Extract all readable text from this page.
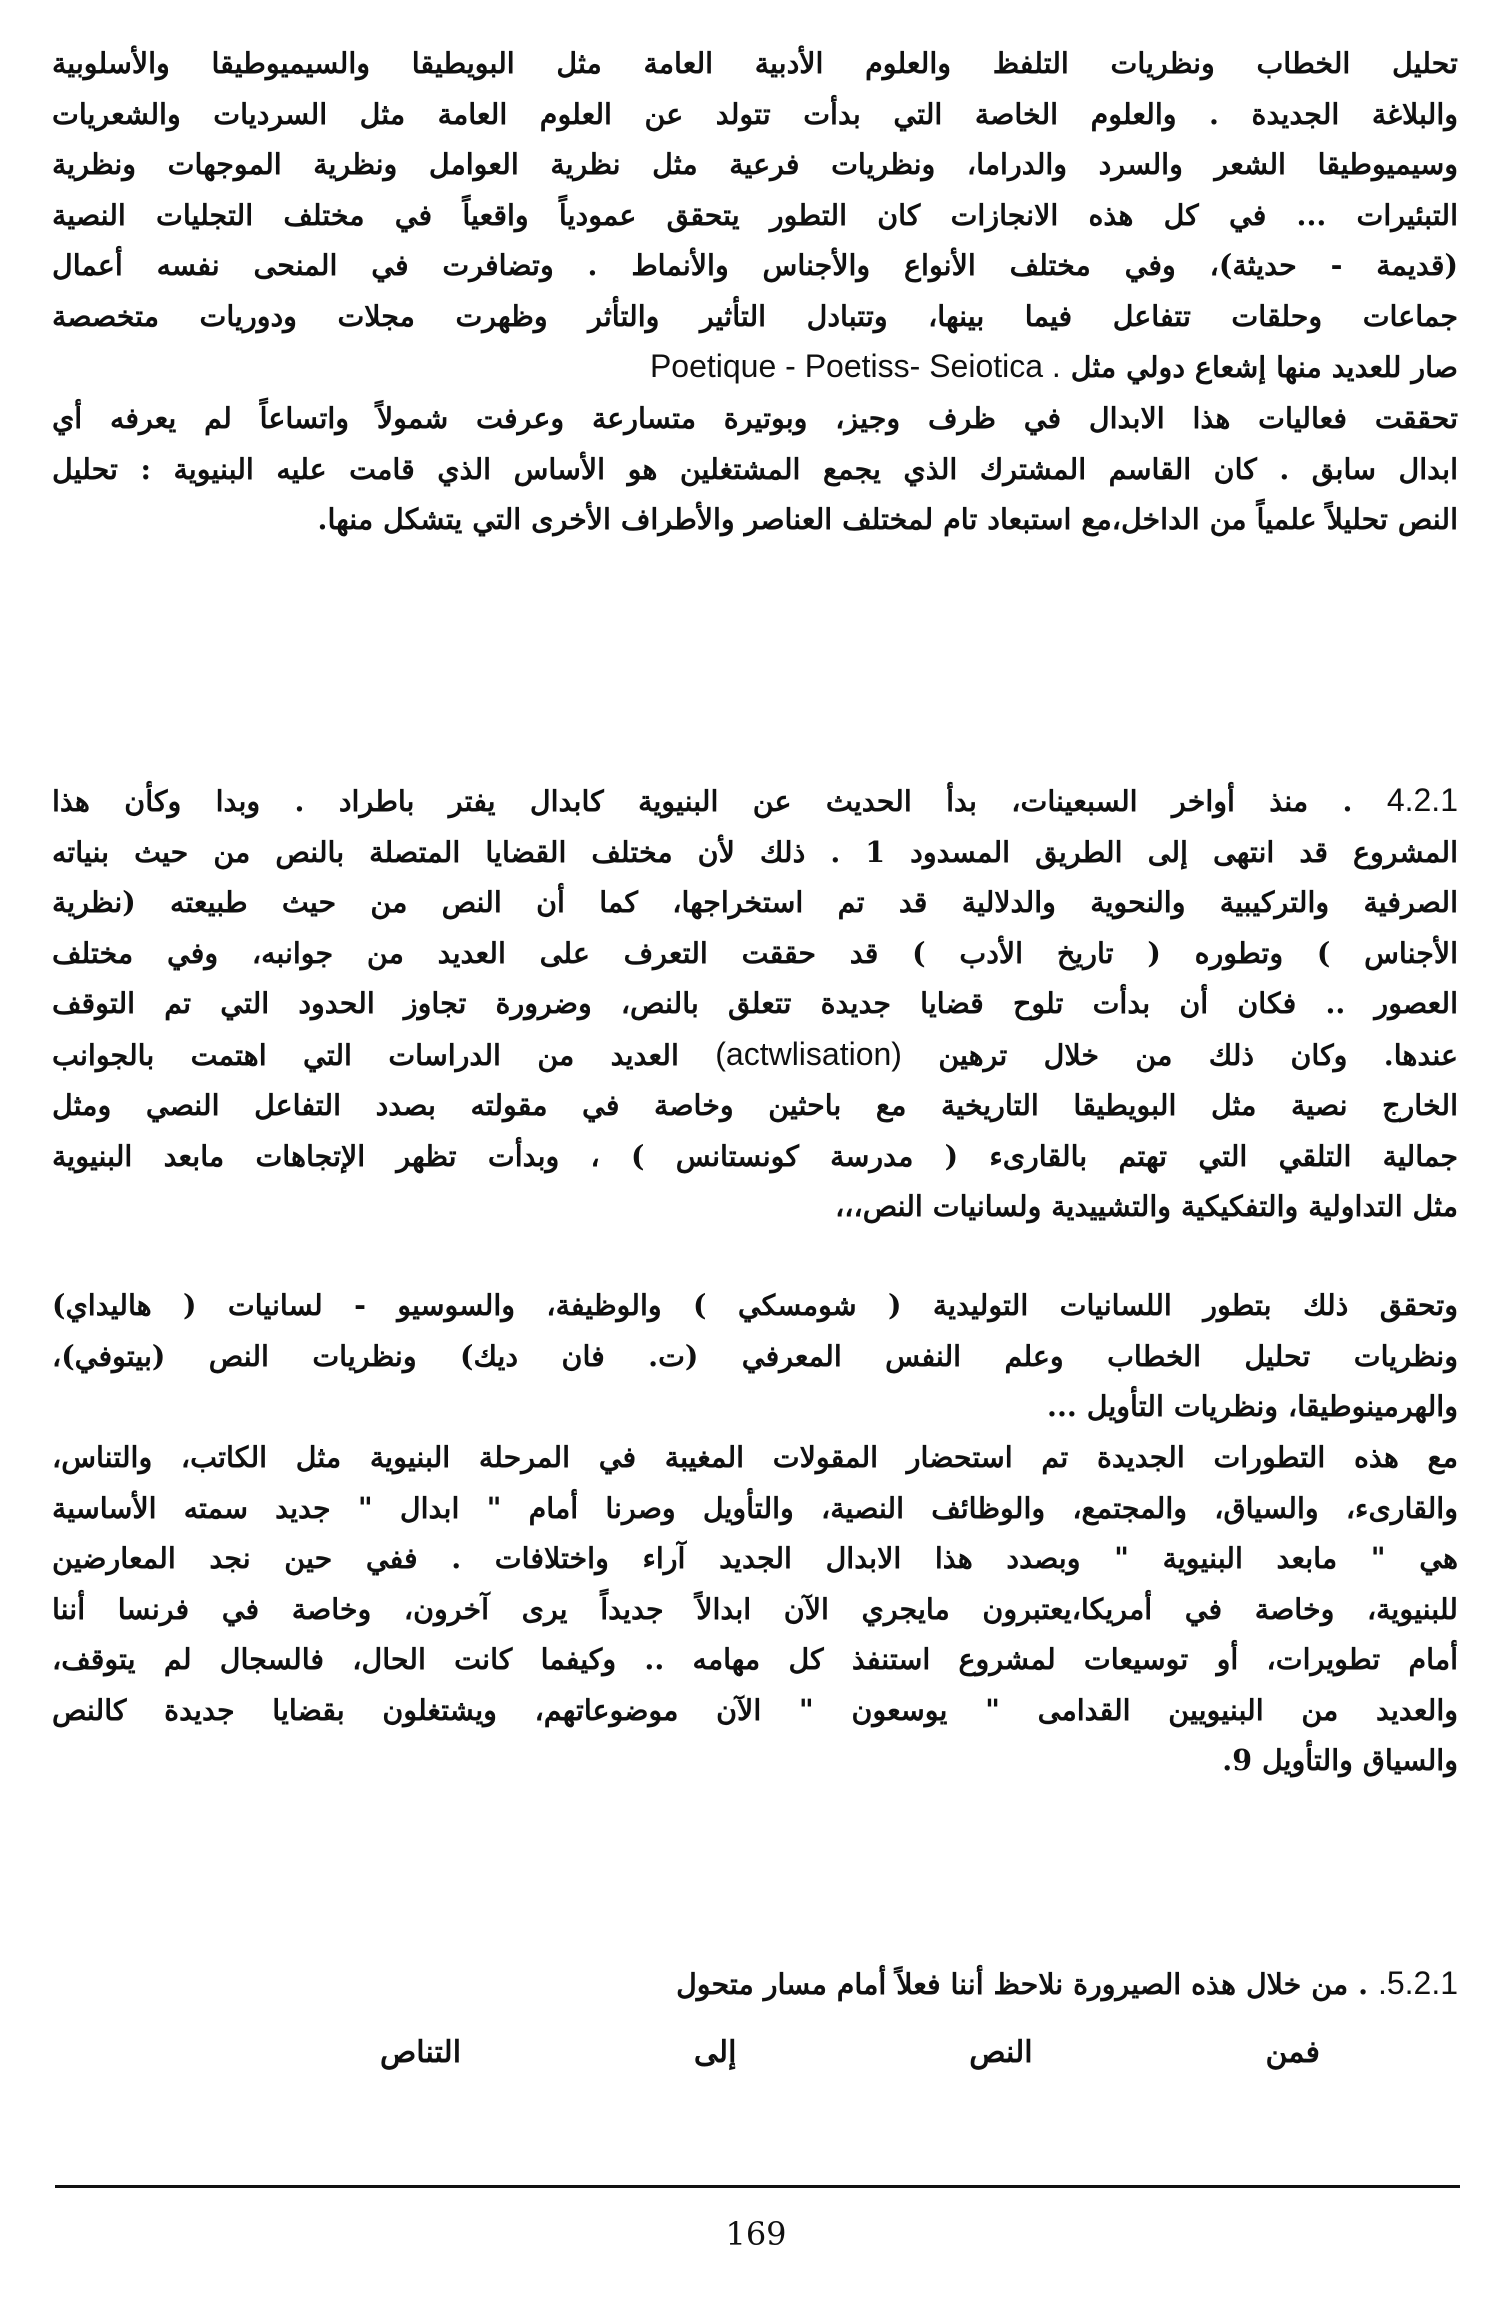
تحليل الخطاب ونظريات التلفظ والعلوم الأدبية العامة مثل البويطيقا والسيميوطيقا والأسلوبية
والبلاغة الجديدة . والعلوم الخاصة التي بدأت تتولد عن العلوم العامة مثل السرديات والشعريات
وسيميوطيقا الشعر والسرد والدراما، ونظريات فرعية مثل نظرية العوامل ونظرية الموجهات ونظرية
التبئيرات ... في كل هذه الانجازات كان التطور يتحقق عمودياً واقعياً في مختلف التجليات النصية
(قديمة - حديثة)، وفي مختلف الأنواع والأجناس والأنماط . وتضافرت في المنحى نفسه أعمال
جماعات وحلقات تتفاعل فيما بينها، وتتبادل التأثير والتأثر وظهرت مجلات ودوريات متخصصة
صار للعديد منها إشعاع دولي مثل Poetique - Poetiss- Seiotica .
تحققت فعاليات هذا الابدال في ظرف وجيز، وبوتيرة متسارعة وعرفت شمولاً واتساعاً لم يعرفه أي
ابدال سابق . كان القاسم المشترك الذي يجمع المشتغلين هو الأساس الذي قامت عليه البنيوية : تحليل
النص تحليلاً علمياً من الداخل،مع استبعاد تام لمختلف العناصر والأطراف الأخرى التي يتشكل منها.
4.2.1 . منذ أواخر السبعينات، بدأ الحديث عن البنيوية كابدال يفتر باطراد . وبدا وكأن هذا
المشروع قد انتهى إلى الطريق المسدود 1 . ذلك لأن مختلف القضايا المتصلة بالنص من حيث بنياته
الصرفية والتركيبية والنحوية والدلالية قد تم استخراجها، كما أن النص من حيث طبيعته (نظرية
الأجناس ) وتطوره ( تاريخ الأدب ) قد حققت التعرف على العديد من جوانبه، وفي مختلف
العصور .. فكان أن بدأت تلوح قضايا جديدة تتعلق بالنص، وضرورة تجاوز الحدود التي تم التوقف
عندها. وكان ذلك من خلال ترهين (actwlisation) العديد من الدراسات التي اهتمت بالجوانب
الخارج نصية مثل البويطيقا التاريخية مع باحثين وخاصة في مقولته بصدد التفاعل النصي ومثل
جمالية التلقي التي تهتم بالقارىء ( مدرسة كونستانس ) ، وبدأت تظهر الإتجاهات مابعد البنيوية
مثل التداولية والتفكيكية والتشييدية ولسانيات النص،،،
وتحقق ذلك بتطور اللسانيات التوليدية ( شومسكي ) والوظيفة، والسوسيو - لسانيات ( هاليداي)
ونظريات تحليل الخطاب وعلم النفس المعرفي (ت. فان ديك) ونظريات النص (بيتوفي)،
والهرمينوطيقا، ونظريات التأويل ...
مع هذه التطورات الجديدة تم استحضار المقولات المغيبة في المرحلة البنيوية مثل الكاتب، والتناس،
والقارىء، والسياق، والمجتمع، والوظائف النصية، والتأويل وصرنا أمام " ابدال " جديد سمته الأساسية
هي " مابعد البنيوية " وبصدد هذا الابدال الجديد آراء واختلافات . ففي حين نجد المعارضين
للبنيوية، وخاصة في أمريكا،يعتبرون مايجري الآن ابدالاً جديداً يرى آخرون، وخاصة في فرنسا أننا
أمام تطويرات، أو توسيعات لمشروع استنفذ كل مهامه .. وكيفما كانت الحال، فالسجال لم يتوقف،
والعديد من البنيويين القدامى " يوسعون " الآن موضوعاتهم، ويشتغلون بقضايا جديدة كالنص
والسياق والتأويل 9.
.5.2.1 . من خلال هذه الصيرورة نلاحظ أننا فعلاً أمام مسار متحول
فمن
النص
إلى
التناص
169
